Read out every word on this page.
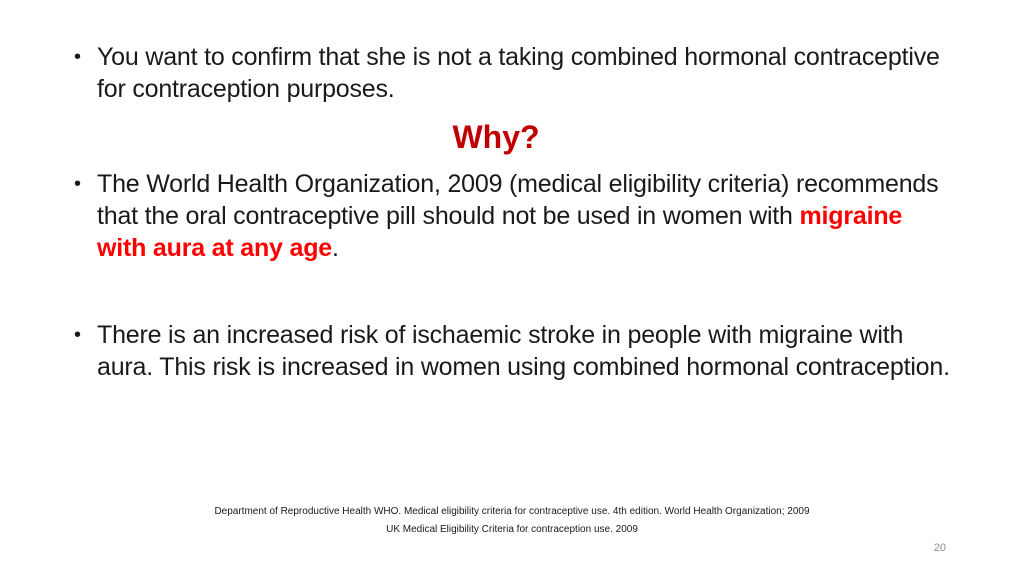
• You want to confirm that she is not a taking combined hormonal contraceptive for contraception purposes.
Why?
• The World Health Organization, 2009 (medical eligibility criteria) recommends that the oral contraceptive pill should not be used in women with migraine with aura at any age.
• There is an increased risk of ischaemic stroke in people with migraine with aura. This risk is increased in women using combined hormonal contraception.
Department of Reproductive Health WHO. Medical eligibility criteria for contraceptive use. 4th edition. World Health Organization; 2009
UK Medical Eligibility Criteria for contraception use. 2009
20
